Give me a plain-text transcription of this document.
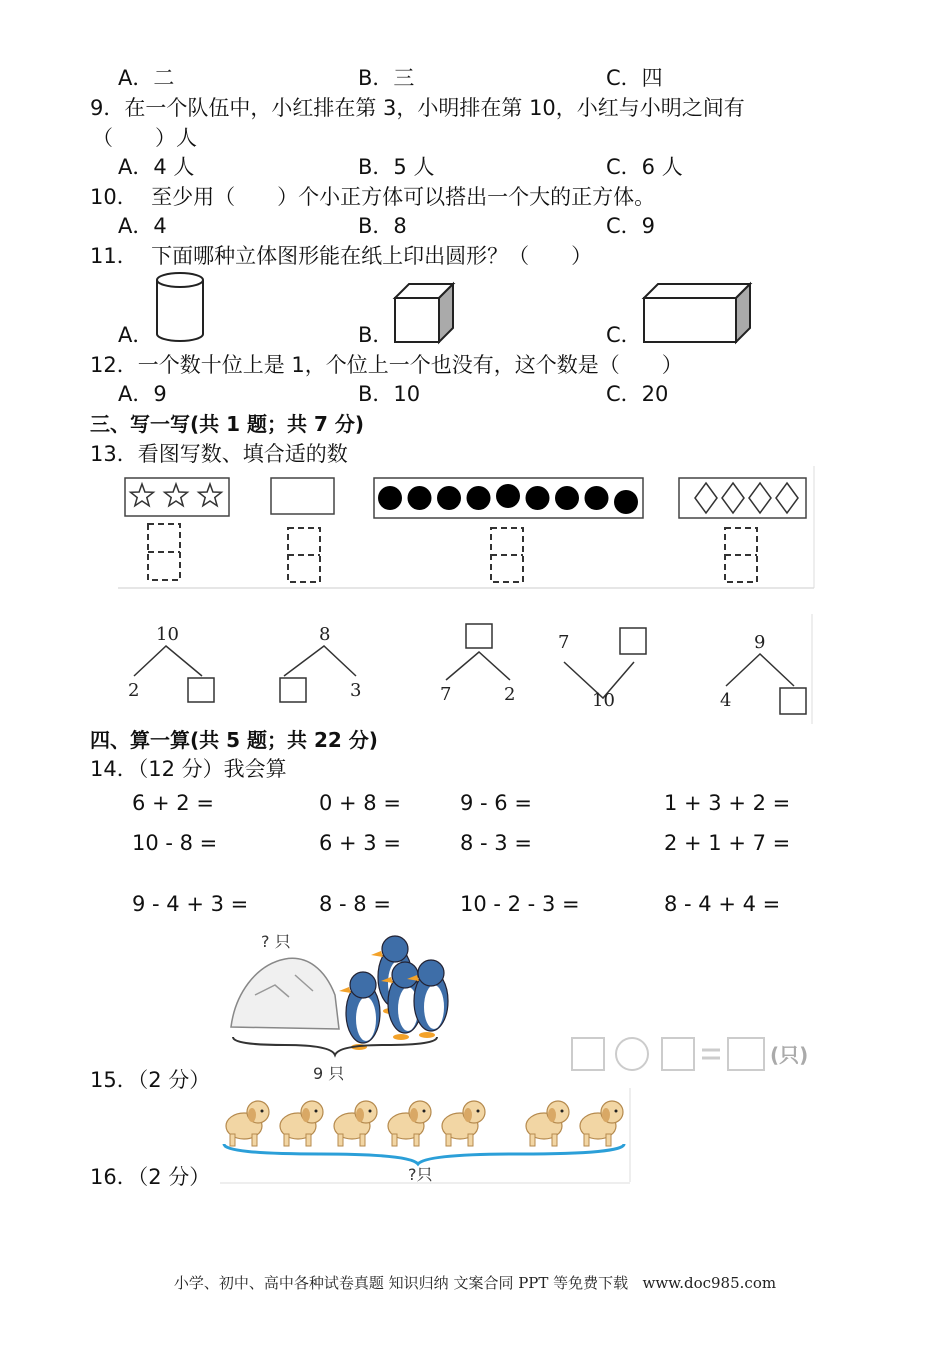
A．二	B．三	C．四
9．在一个队伍中，小红排在第 3，小明排在第 10，小红与小明之间有
（　　）人
A．4 人	B．5 人	C．6 人
10．  至少用（　　）个小正方体可以搭出一个大的正方体。
A．4	B．8	C．9
11．  下面哪种立体图形能在纸上印出圆形？（　　）
A．	B．	C．
12．一个数十位上是 1，个位上一个也没有，这个数是（　　）
A．9	B．10	C．20
三、写一写(共 1 题；共 7 分)
13．看图写数、填合适的数
10
2
8
3	7	2
7
10
9
4
四、算一算(共 5 题；共 22 分)
14．（12 分）我会算
6 + 2 =	0 + 8 =	9 - 6 =	1 + 3 + 2 =
10 - 8 =	6 + 3 =	8 - 3 =	2 + 1 + 7 =
9 - 4 + 3 =	8 - 8 =	10 - 2 - 3 =	8 - 4 + 4 =
15．（2 分）
? 只
9 只
(只)
16．（2 分）	?只
小学、初中、高中各种试卷真题 知识归纳 文案合同 PPT 等免费下载   www.doc985.com
